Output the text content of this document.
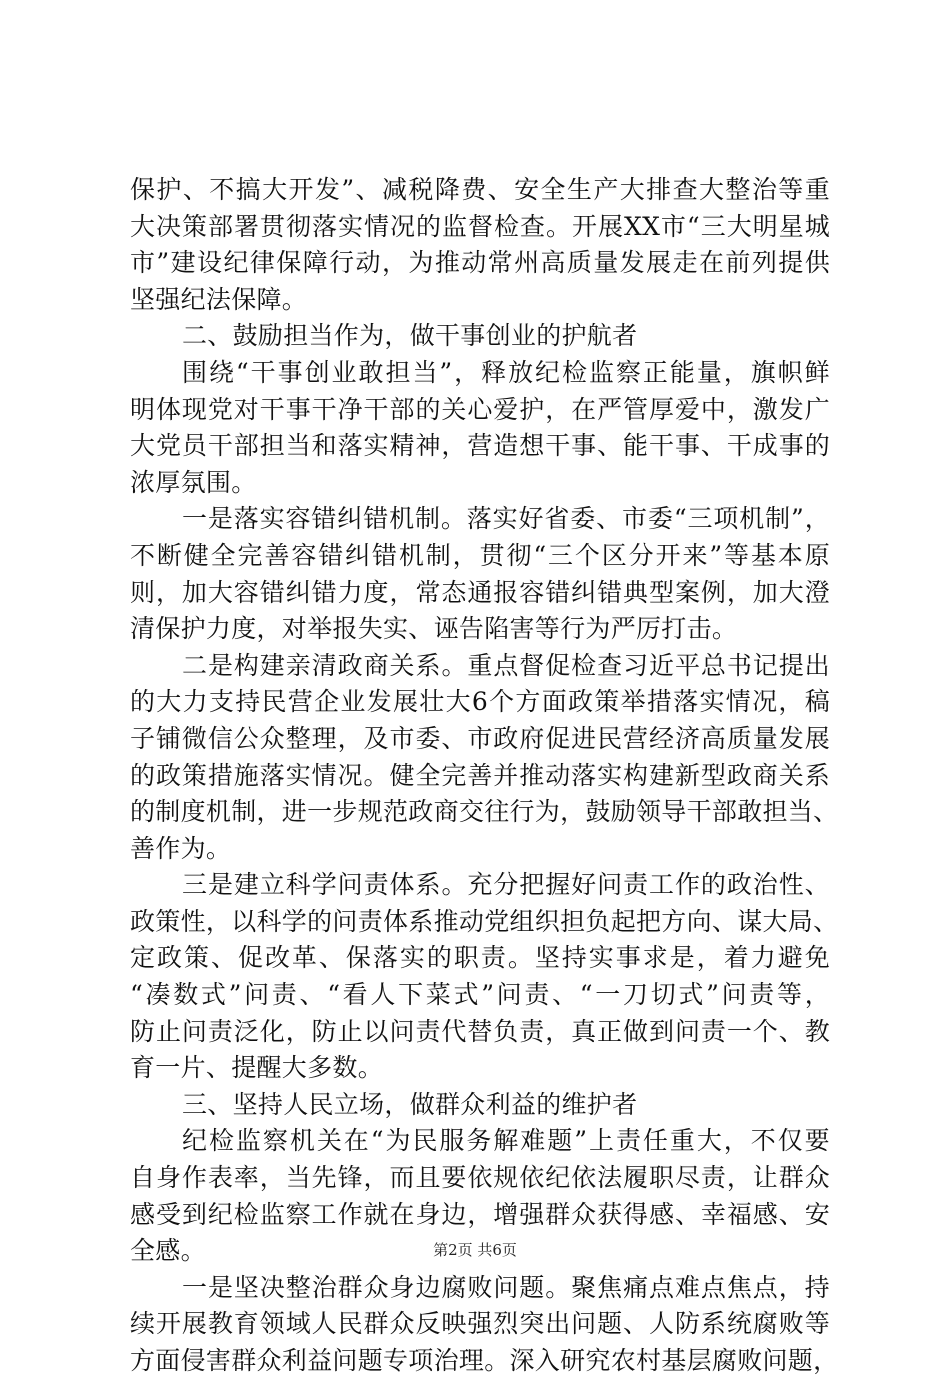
保护、不搞大开发”、减税降费、安全生产大排查大整治等重
大决策部署贯彻落实情况的监督检查。开展XX市“三大明星城
市”建设纪律保障行动，为推动常州高质量发展走在前列提供
坚强纪法保障。
二、鼓励担当作为，做干事创业的护航者
围绕“干事创业敢担当”，释放纪检监察正能量，旗帜鲜
明体现党对干事干净干部的关心爱护，在严管厚爱中，激发广
大党员干部担当和落实精神，营造想干事、能干事、干成事的
浓厚氛围。
一是落实容错纠错机制。落实好省委、市委“三项机制”，
不断健全完善容错纠错机制，贯彻“三个区分开来”等基本原
则，加大容错纠错力度，常态通报容错纠错典型案例，加大澄
清保护力度，对举报失实、诬告陷害等行为严厉打击。
二是构建亲清政商关系。重点督促检查习近平总书记提出
的大力支持民营企业发展壮大6个方面政策举措落实情况，稿
子铺微信公众整理，及市委、市政府促进民营经济高质量发展
的政策措施落实情况。健全完善并推动落实构建新型政商关系
的制度机制，进一步规范政商交往行为，鼓励领导干部敢担当、
善作为。
三是建立科学问责体系。充分把握好问责工作的政治性、
政策性，以科学的问责体系推动党组织担负起把方向、谋大局、
定政策、促改革、保落实的职责。坚持实事求是，着力避免
“凑数式”问责、“看人下菜式”问责、“一刀切式”问责等，
防止问责泛化，防止以问责代替负责，真正做到问责一个、教
育一片、提醒大多数。
三、坚持人民立场，做群众利益的维护者
纪检监察机关在“为民服务解难题”上责任重大，不仅要
自身作表率，当先锋，而且要依规依纪依法履职尽责，让群众
感受到纪检监察工作就在身边，增强群众获得感、幸福感、安
全感。
一是坚决整治群众身边腐败问题。聚焦痛点难点焦点，持
续开展教育领域人民群众反映强烈突出问题、人防系统腐败等
方面侵害群众利益问题专项治理。深入研究农村基层腐败问题，
第2页 共6页
